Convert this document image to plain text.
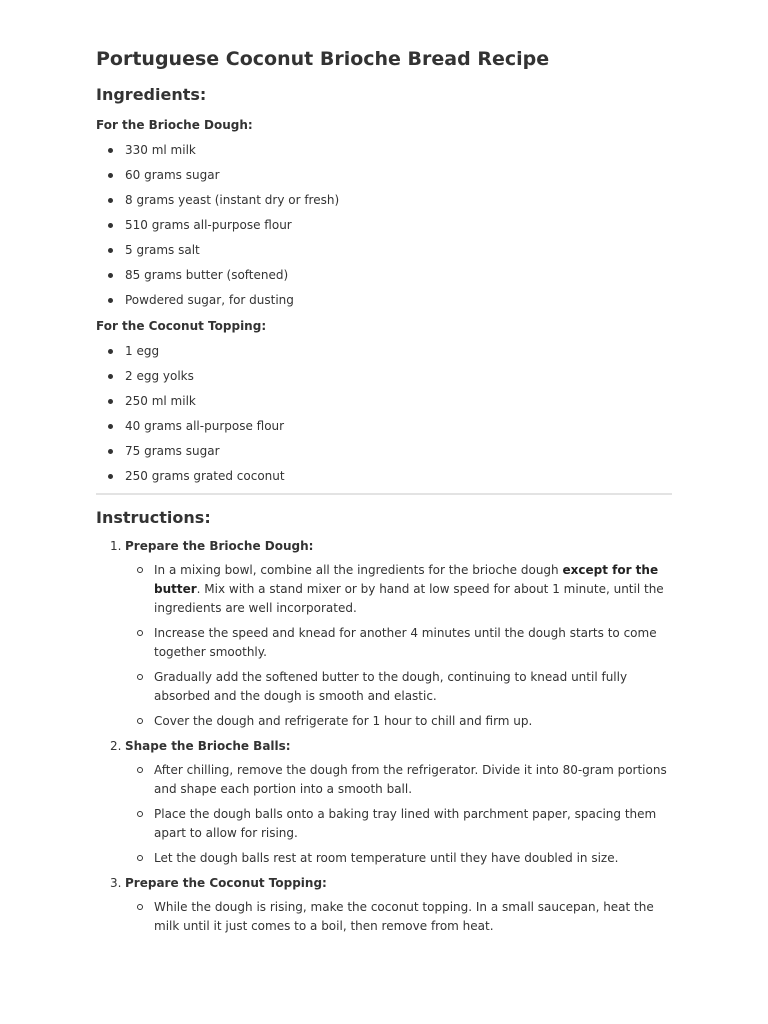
Portuguese Coconut Brioche Bread Recipe
Ingredients:
For the Brioche Dough:
330 ml milk
60 grams sugar
8 grams yeast (instant dry or fresh)
510 grams all-purpose flour
5 grams salt
85 grams butter (softened)
Powdered sugar, for dusting
For the Coconut Topping:
1 egg
2 egg yolks
250 ml milk
40 grams all-purpose flour
75 grams sugar
250 grams grated coconut
Instructions:
1. Prepare the Brioche Dough:
In a mixing bowl, combine all the ingredients for the brioche dough except for the butter. Mix with a stand mixer or by hand at low speed for about 1 minute, until the ingredients are well incorporated.
Increase the speed and knead for another 4 minutes until the dough starts to come together smoothly.
Gradually add the softened butter to the dough, continuing to knead until fully absorbed and the dough is smooth and elastic.
Cover the dough and refrigerate for 1 hour to chill and firm up.
2. Shape the Brioche Balls:
After chilling, remove the dough from the refrigerator. Divide it into 80-gram portions and shape each portion into a smooth ball.
Place the dough balls onto a baking tray lined with parchment paper, spacing them apart to allow for rising.
Let the dough balls rest at room temperature until they have doubled in size.
3. Prepare the Coconut Topping:
While the dough is rising, make the coconut topping. In a small saucepan, heat the milk until it just comes to a boil, then remove from heat.
